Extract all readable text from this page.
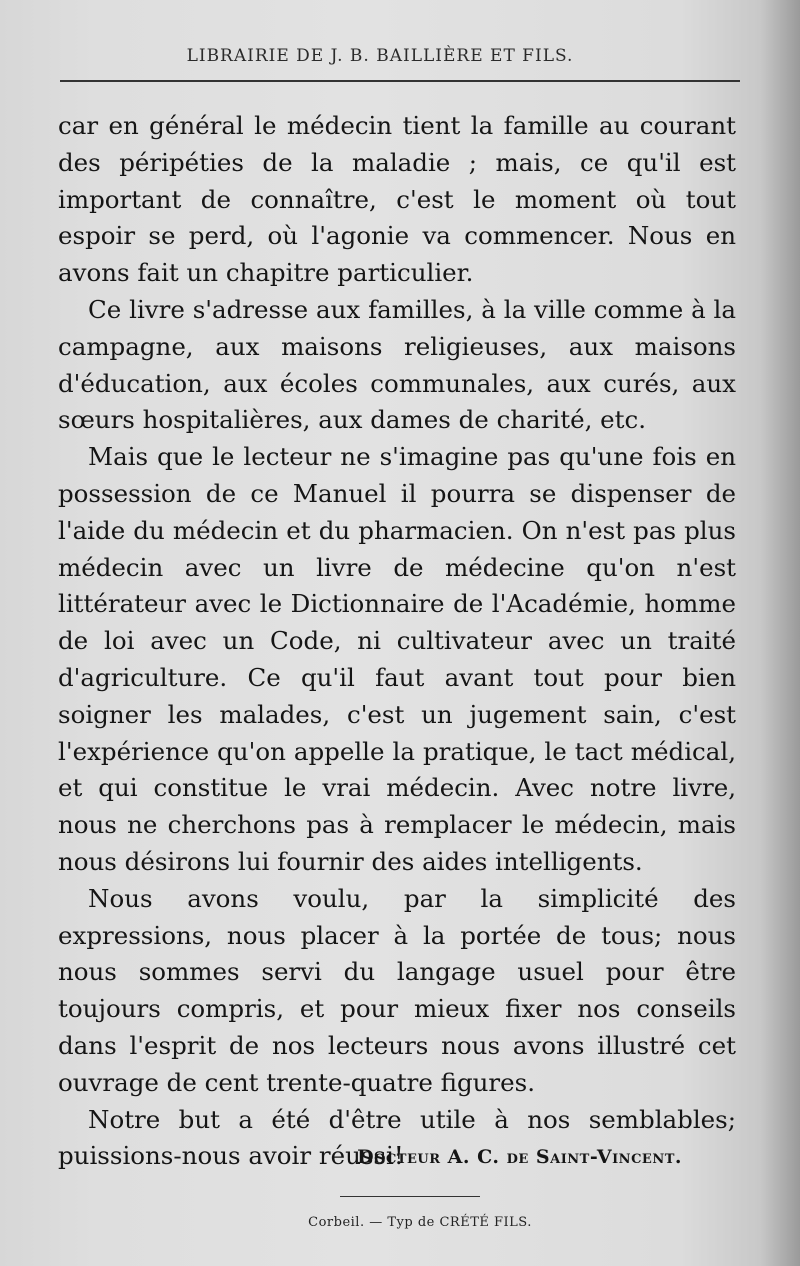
LIBRAIRIE DE J. B. BAILLIÈRE ET FILS.

car en général le médecin tient la famille au courant des péripéties de la maladie ; mais, ce qu'il est important de connaître, c'est le moment où tout espoir se perd, où l'agonie va commencer. Nous en avons fait un chapitre particulier.

Ce livre s'adresse aux familles, à la ville comme à la campagne, aux maisons religieuses, aux maisons d'éducation, aux écoles communales, aux curés, aux sœurs hospitalières, aux dames de charité, etc.

Mais que le lecteur ne s'imagine pas qu'une fois en possession de ce Manuel il pourra se dispenser de l'aide du médecin et du pharmacien. On n'est pas plus médecin avec un livre de médecine qu'on n'est littérateur avec le Dictionnaire de l'Académie, homme de loi avec un Code, ni cultivateur avec un traité d'agriculture. Ce qu'il faut avant tout pour bien soigner les malades, c'est un jugement sain, c'est l'expérience qu'on appelle la pratique, le tact médical, et qui constitue le vrai médecin. Avec notre livre, nous ne cherchons pas à remplacer le médecin, mais nous désirons lui fournir des aides intelligents.

Nous avons voulu, par la simplicité des expressions, nous placer à la portée de tous; nous nous sommes servi du langage usuel pour être toujours compris, et pour mieux fixer nos conseils dans l'esprit de nos lecteurs nous avons illustré cet ouvrage de cent trente-quatre figures.

Notre but a été d'être utile à nos semblables; puissions-nous avoir réussi!

Docteur A. C. de Saint-Vincent.
Corbeil. — Typ de CRÉTÉ FILS.
